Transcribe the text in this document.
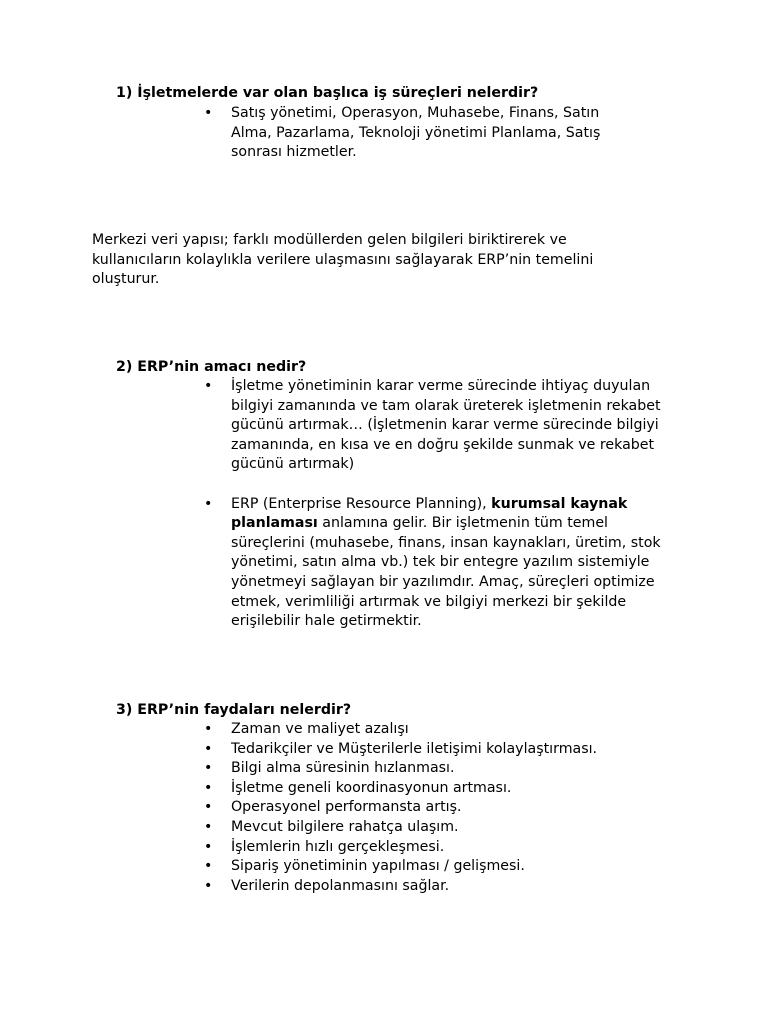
1) İşletmelerde var olan başlıca iş süreçleri nelerdir?
• Satış yönetimi, Operasyon, Muhasebe, Finans, Satın Alma, Pazarlama, Teknoloji yönetimi Planlama, Satış sonrası hizmetler.
Merkezi veri yapısı; farklı modüllerden gelen bilgileri biriktirerek ve kullanıcıların kolaylıkla verilere ulaşmasını sağlayarak ERP’nin temelini oluşturur.
2) ERP’nin amacı nedir?
• İşletme yönetiminin karar verme sürecinde ihtiyaç duyulan bilgiyi zamanında ve tam olarak üreterek işletmenin rekabet gücünü artırmak… (İşletmenin karar verme sürecinde bilgiyi zamanında, en kısa ve en doğru şekilde sunmak ve rekabet gücünü artırmak)
• ERP (Enterprise Resource Planning), kurumsal kaynak planlaması anlamına gelir. Bir işletmenin tüm temel süreçlerini (muhasebe, finans, insan kaynakları, üretim, stok yönetimi, satın alma vb.) tek bir entegre yazılım sistemiyle yönetmeyi sağlayan bir yazılımdır. Amaç, süreçleri optimize etmek, verimliliği artırmak ve bilgiyi merkezi bir şekilde erişilebilir hale getirmektir.
3) ERP’nin faydaları nelerdir?
• Zaman ve maliyet azalışı
• Tedarikçiler ve Müşterilerle iletişimi kolaylaştırması.
• Bilgi alma süresinin hızlanması.
• İşletme geneli koordinasyonun artması.
• Operasyonel performansta artış.
• Mevcut bilgilere rahatça ulaşım.
• İşlemlerin hızlı gerçekleşmesi.
• Sipariş yönetiminin yapılması / gelişmesi.
• Verilerin depolanmasını sağlar.
